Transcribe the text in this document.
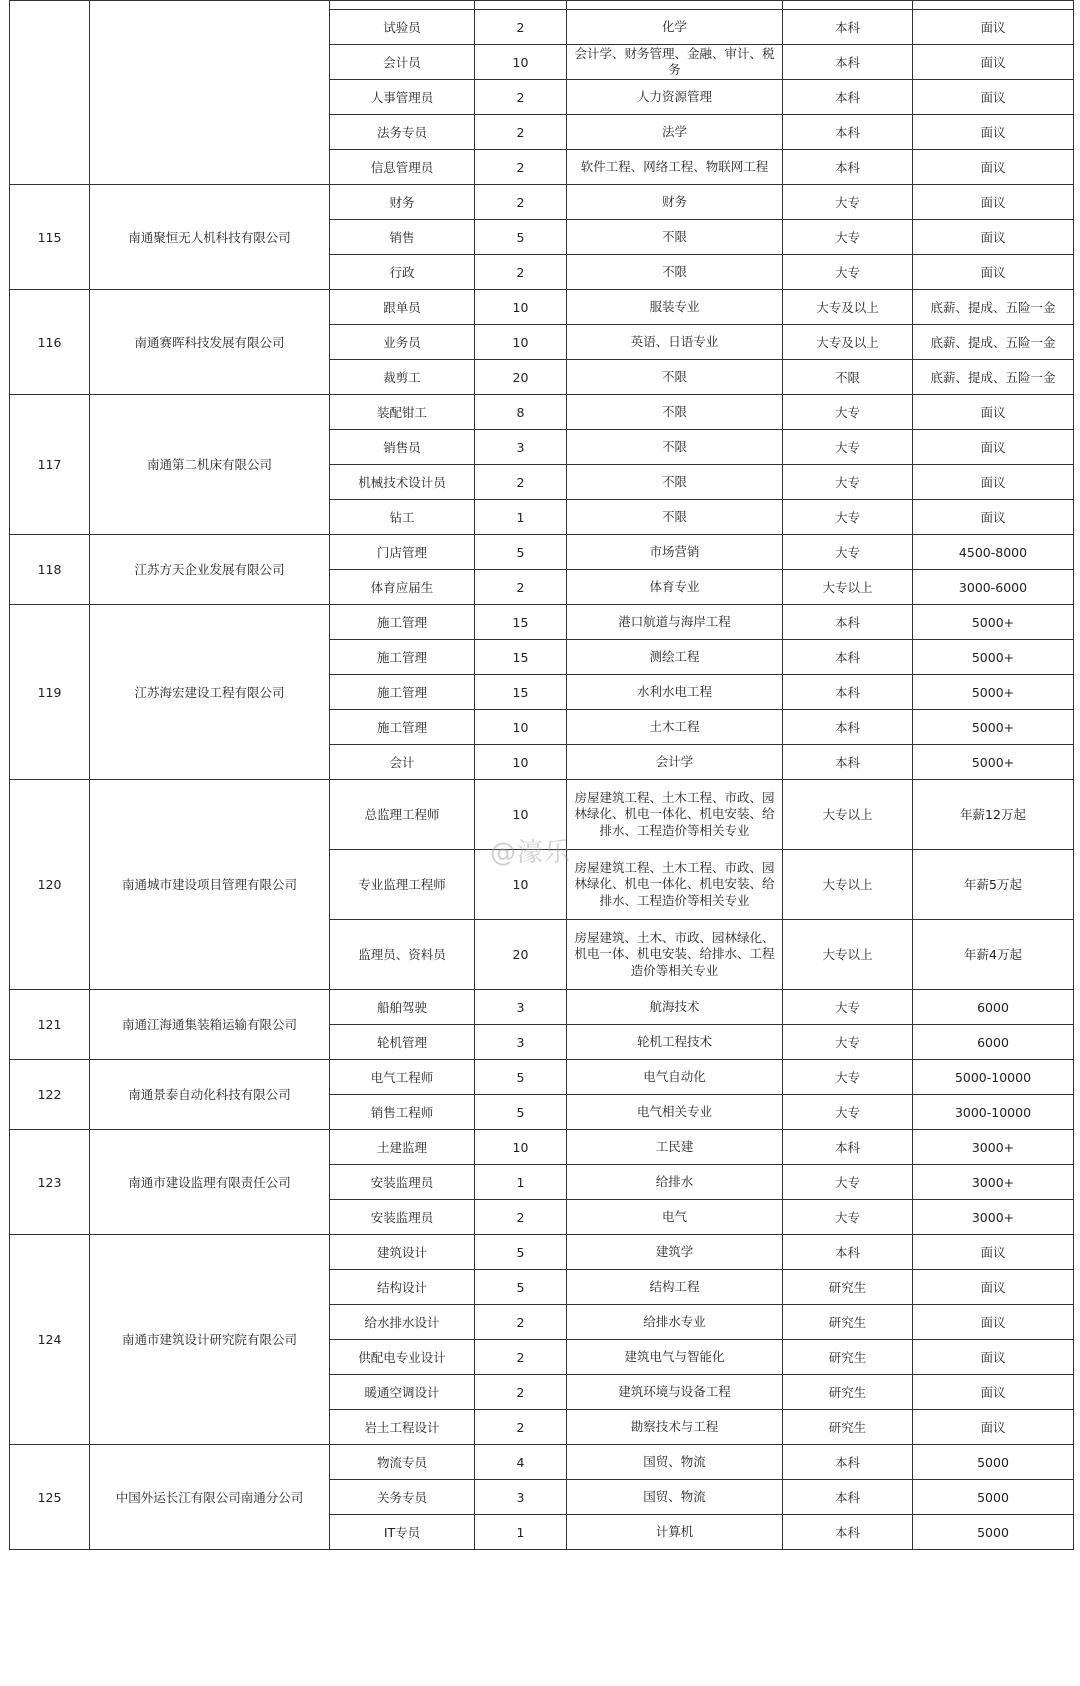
		试验员	2	化学	本科	面议
		会计员	10	会计学、财务管理、金融、审计、税务	本科	面议
		人事管理员	2	人力资源管理	本科	面议
		法务专员	2	法学	本科	面议
		信息管理员	2	软件工程、网络工程、物联网工程	本科	面议
115	南通聚恒无人机科技有限公司	财务	2	财务	大专	面议
		销售	5	不限	大专	面议
		行政	2	不限	大专	面议
116	南通赛晖科技发展有限公司	跟单员	10	服装专业	大专及以上	底薪、提成、五险一金
		业务员	10	英语、日语专业	大专及以上	底薪、提成、五险一金
		裁剪工	20	不限	不限	底薪、提成、五险一金
117	南通第二机床有限公司	装配钳工	8	不限	大专	面议
		销售员	3	不限	大专	面议
		机械技术设计员	2	不限	大专	面议
		钻工	1	不限	大专	面议
118	江苏方天企业发展有限公司	门店管理	5	市场营销	大专	4500-8000
		体育应届生	2	体育专业	大专以上	3000-6000
119	江苏海宏建设工程有限公司	施工管理	15	港口航道与海岸工程	本科	5000+
		施工管理	15	测绘工程	本科	5000+
		施工管理	15	水利水电工程	本科	5000+
		施工管理	10	土木工程	本科	5000+
		会计	10	会计学	本科	5000+
120	南通城市建设项目管理有限公司	总监理工程师	10	房屋建筑工程、土木工程、市政、园林绿化、机电一体化、机电安装、给排水、工程造价等相关专业	大专以上	年薪12万起
		专业监理工程师	10	房屋建筑工程、土木工程、市政、园林绿化、机电一体化、机电安装、给排水、工程造价等相关专业	大专以上	年薪5万起
		监理员、资料员	20	房屋建筑、土木、市政、园林绿化、机电一体、机电安装、给排水、工程造价等相关专业	大专以上	年薪4万起
121	南通江海通集装箱运输有限公司	船舶驾驶	3	航海技术	大专	6000
		轮机管理	3	轮机工程技术	大专	6000
122	南通景泰自动化科技有限公司	电气工程师	5	电气自动化	大专	5000-10000
		销售工程师	5	电气相关专业	大专	3000-10000
123	南通市建设监理有限责任公司	土建监理	10	工民建	本科	3000+
		安装监理员	1	给排水	大专	3000+
		安装监理员	2	电气	大专	3000+
124	南通市建筑设计研究院有限公司	建筑设计	5	建筑学	本科	面议
		结构设计	5	结构工程	研究生	面议
		给水排水设计	2	给排水专业	研究生	面议
		供配电专业设计	2	建筑电气与智能化	研究生	面议
		暖通空调设计	2	建筑环境与设备工程	研究生	面议
		岩土工程设计	2	勘察技术与工程	研究生	面议
125	中国外运长江有限公司南通分公司	物流专员	4	国贸、物流	本科	5000
		关务专员	3	国贸、物流	本科	5000
		IT专员	1	计算机	本科	5000
@濠乐
